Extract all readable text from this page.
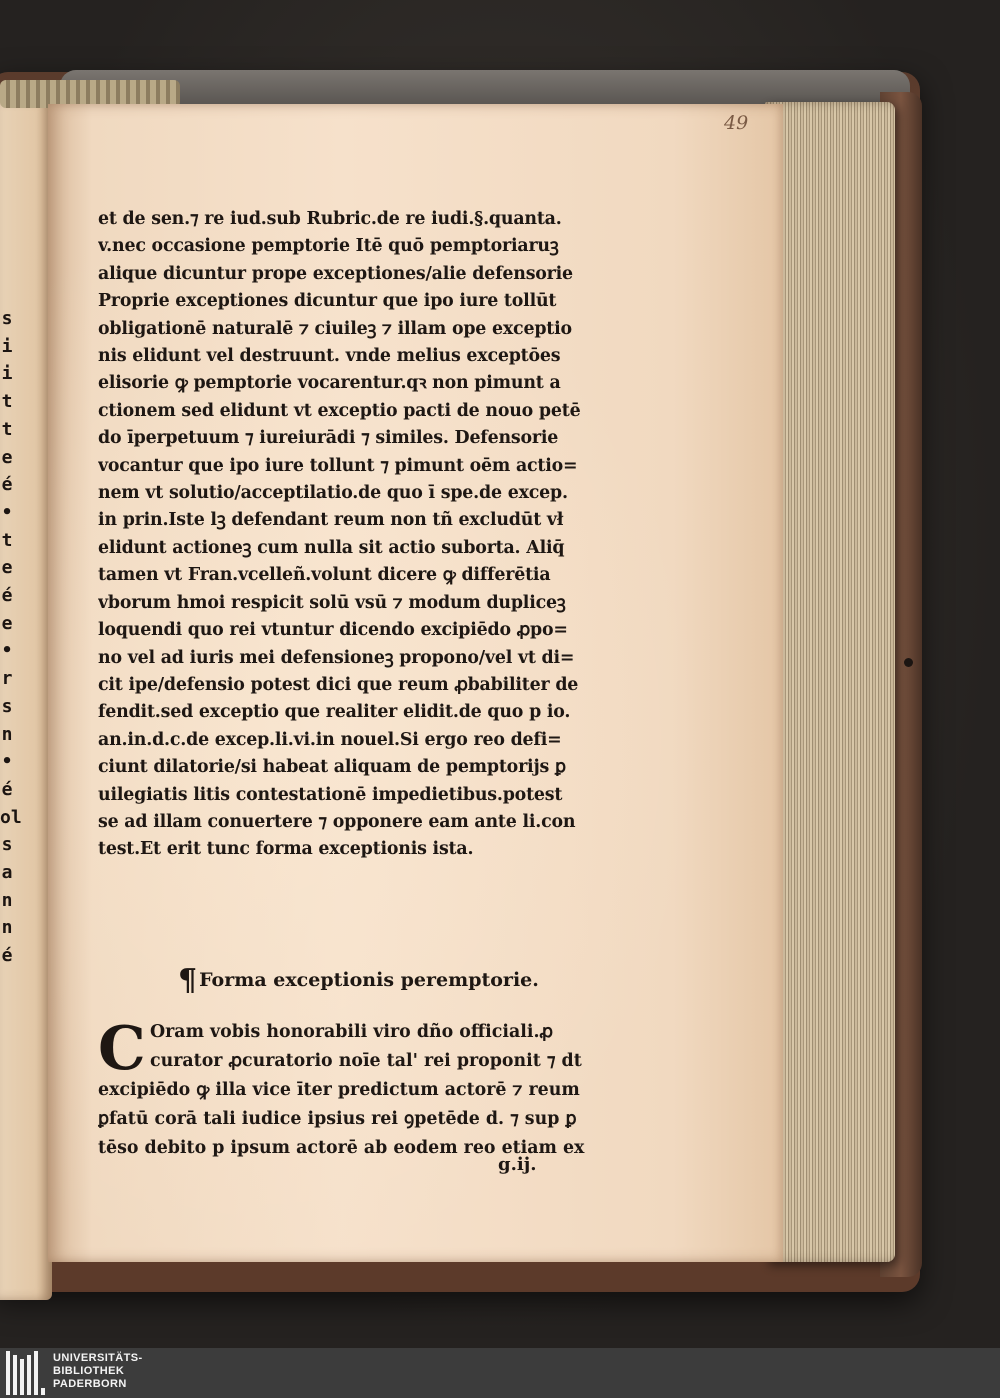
s
i
i
t
t
e
é
•
t
e
é
e
•
r
s
n
•
é
ol
s
a
n
n
é
49
et de sen.⁊ re iud.sub Rubric.de re iudi.§.quanta.
v.nec occasione pemptorie Itē quō pemptoriaruꝫ
alique dicuntur prope exceptiones/alie defensorie
Proprie exceptiones dicuntur que ipo iure tollūt
obligationē naturalē ⁊ ciuileꝫ ⁊ illam ope exceptio
nis elidunt vel destruunt. vnde melius exceptōes
elisorie ꝙ pemptorie vocarentur.qꝛ non pimunt a
ctionem sed elidunt vt exceptio pacti de nouo petē
do īperpetuum ⁊ iureiurādi ⁊ similes. Defensorie
vocantur que ipo iure tollunt ⁊ pimunt oēm actio=
nem vt solutio/acceptilatio.de quo ī spe.de excep.
in prin.Iste lꝫ defendant reum non tñ excludūt vł
elidunt actioneꝫ cum nulla sit actio suborta. Aliq̄
tamen vt Fran.vcelleñ.volunt dicere ꝙ differētia
vborum hmoi respicit solū vsū ⁊ modum dupliceꝫ
loquendi quo rei vtuntur dicendo excipiēdo ꝓpo=
no vel ad iuris mei defensioneꝫ propono/vel vt di=
cit ipe/defensio potest dici que reum ꝓbabiliter de
fendit.sed exceptio que realiter elidit.de quo p io.
an.in.d.c.de excep.li.vi.in nouel.Si ergo reo defi=
ciunt dilatorie/si habeat aliquam de pemptorijs ꝑ
uilegiatis litis contestationē impedietibus.potest
se ad illam conuertere ⁊ opponere eam ante li.con
test.Et erit tunc forma exceptionis ista.
¶ Forma exceptionis peremptorie.
C Oram vobis honorabili viro dño officiali.ꝓ
curator ꝓcuratorio noīe tal' rei proponit ⁊ dt
excipiēdo ꝙ illa vice īter predictum actorē ⁊ reum
ꝑfatū corā tali iudice ipsius rei ꝯpetēde d. ⁊ sup ꝑ
tēso debito p ipsum actorē ab eodem reo etiam ex
g.ij.
UNIVERSITÄTS-
BIBLIOTHEK
PADERBORN
